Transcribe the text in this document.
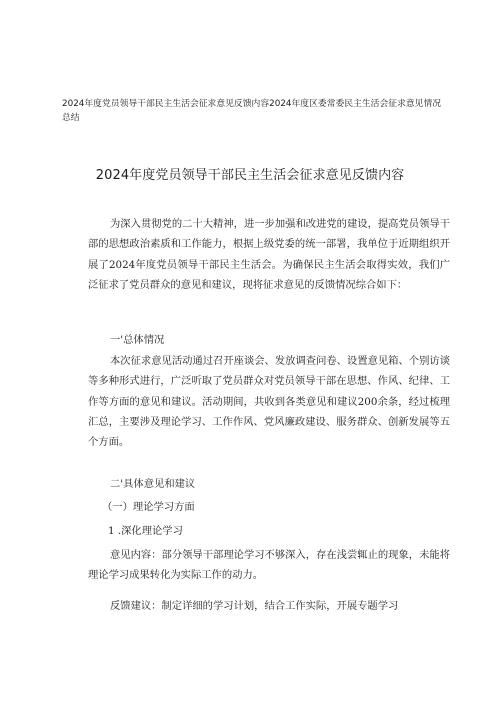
2024年度党员领导干部民主生活会征求意见反馈内容2024年度区委常委民主生活会征求意见情况总结
2024年度党员领导干部民主生活会征求意见反馈内容

为深入贯彻党的二十大精神，进一步加强和改进党的建设，提高党员领导干部的思想政治素质和工作能力，根据上级党委的统一部署，我单位于近期组织开展了2024年度党员领导干部民主生活会。为确保民主生活会取得实效，我们广泛征求了党员群众的意见和建议，现将征求意见的反馈情况综合如下：

一'总体情况

本次征求意见活动通过召开座谈会、发放调查问卷、设置意见箱、个别访谈等多种形式进行，广泛听取了党员群众对党员领导干部在思想、作风、纪律、工作等方面的意见和建议。活动期间，共收到各类意见和建议200余条，经过梳理汇总，主要涉及理论学习、工作作风、党风廉政建设、服务群众、创新发展等五个方面。

二'具体意见和建议

（一）理论学习方面

1 .深化理论学习

意见内容：部分领导干部理论学习不够深入，存在浅尝辄止的现象，未能将理论学习成果转化为实际工作的动力。

反馈建议：制定详细的学习计划，结合工作实际，开展专题学习
